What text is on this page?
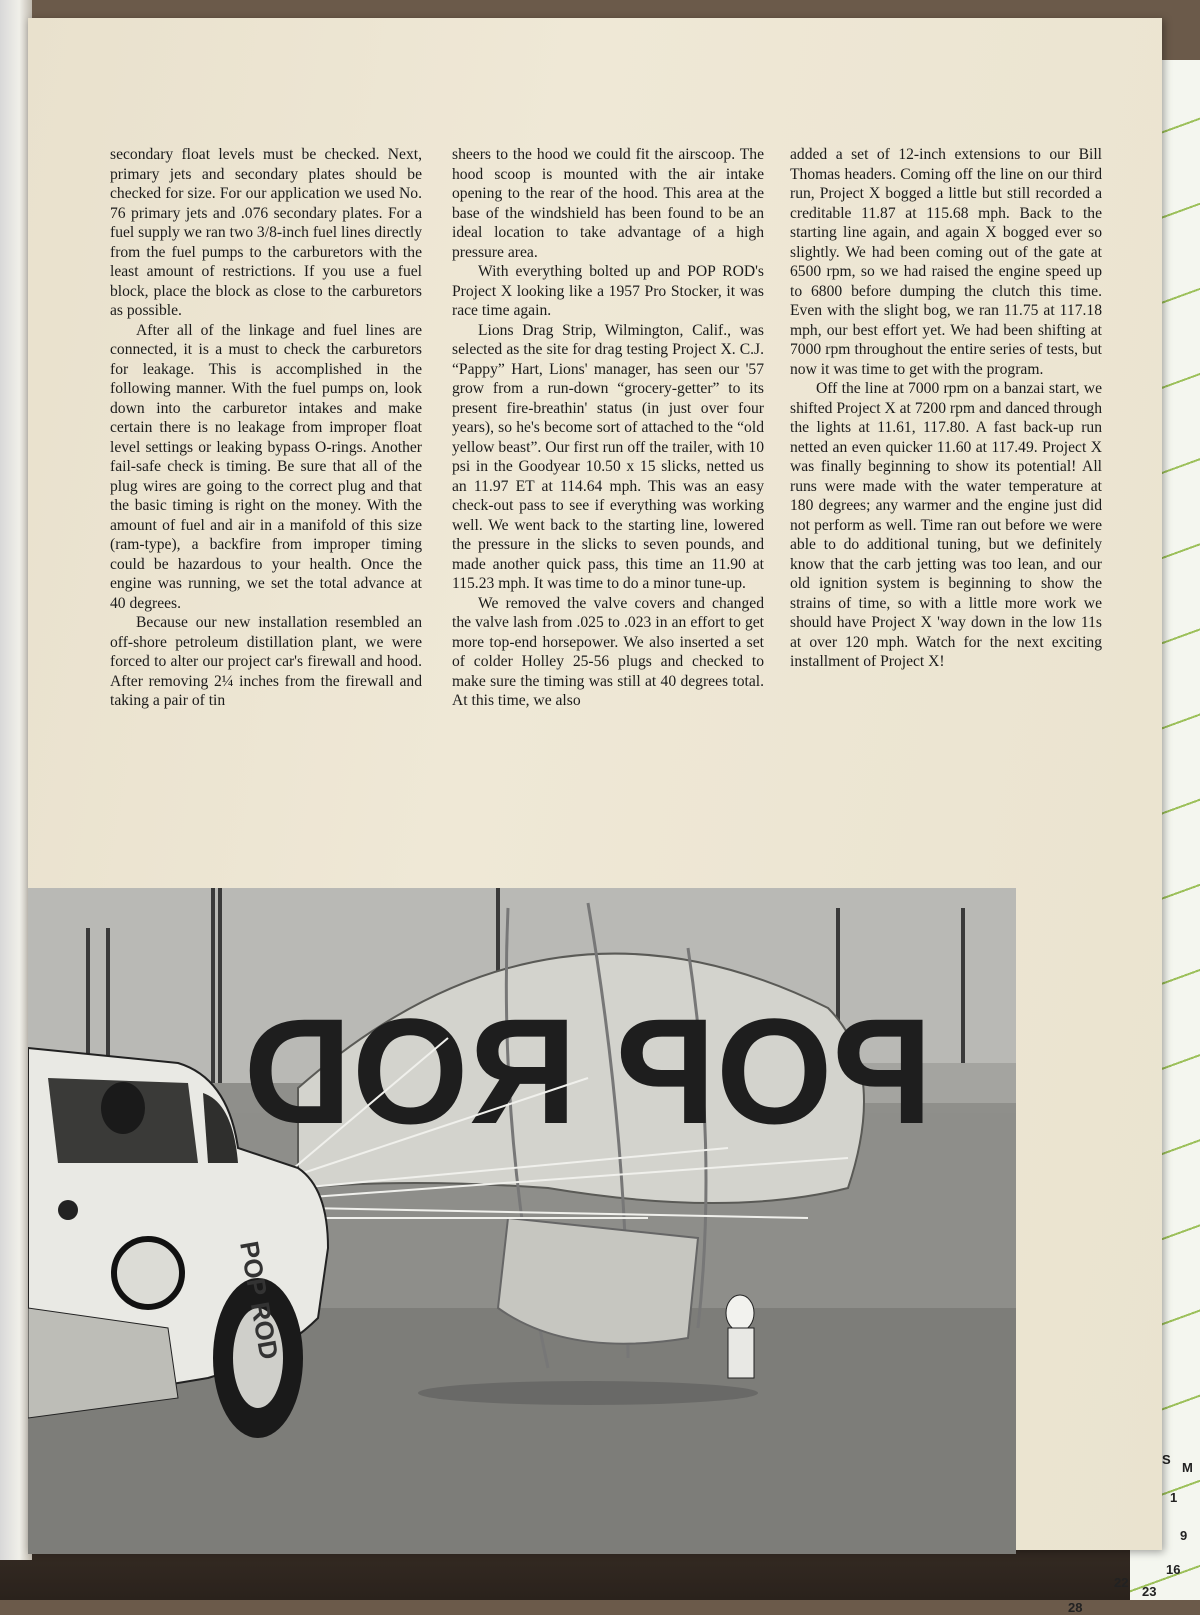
S
M
1
9
16
22
23
28

secondary float levels must be checked. Next, primary jets and secondary plates should be checked for size. For our application we used No. 76 primary jets and .076 secondary plates. For a fuel supply we ran two 3/8-inch fuel lines directly from the fuel pumps to the carburetors with the least amount of restrictions. If you use a fuel block, place the block as close to the carburetors as possible.

After all of the linkage and fuel lines are connected, it is a must to check the carburetors for leakage. This is accomplished in the following manner. With the fuel pumps on, look down into the carburetor intakes and make certain there is no leakage from improper float level settings or leaking bypass O-rings. Another fail-safe check is timing. Be sure that all of the plug wires are going to the correct plug and that the basic timing is right on the money. With the amount of fuel and air in a manifold of this size (ram-type), a backfire from improper timing could be hazardous to your health. Once the engine was running, we set the total advance at 40 degrees.

Because our new installation resembled an off-shore petroleum distillation plant, we were forced to alter our project car's firewall and hood. After removing 2¼ inches from the firewall and taking a pair of tin

sheers to the hood we could fit the airscoop. The hood scoop is mounted with the air intake opening to the rear of the hood. This area at the base of the windshield has been found to be an ideal location to take advantage of a high pressure area.

With everything bolted up and POP ROD's Project X looking like a 1957 Pro Stocker, it was race time again.

Lions Drag Strip, Wilmington, Calif., was selected as the site for drag testing Project X. C.J. “Pappy” Hart, Lions' manager, has seen our '57 grow from a run-down “grocery-getter” to its present fire-breathin' status (in just over four years), so he's become sort of attached to the “old yellow beast”. Our first run off the trailer, with 10 psi in the Goodyear 10.50 x 15 slicks, netted us an 11.97 ET at 114.64 mph. This was an easy check-out pass to see if everything was working well. We went back to the starting line, lowered the pressure in the slicks to seven pounds, and made another quick pass, this time an 11.90 at 115.23 mph. It was time to do a minor tune-up.

We removed the valve covers and changed the valve lash from .025 to .023 in an effort to get more top-end horsepower. We also inserted a set of colder Holley 25-56 plugs and checked to make sure the timing was still at 40 degrees total. At this time, we also

added a set of 12-inch extensions to our Bill Thomas headers. Coming off the line on our third run, Project X bogged a little but still recorded a creditable 11.87 at 115.68 mph. Back to the starting line again, and again X bogged ever so slightly. We had been coming out of the gate at 6500 rpm, so we had raised the engine speed up to 6800 before dumping the clutch this time. Even with the slight bog, we ran 11.75 at 117.18 mph, our best effort yet. We had been shifting at 7000 rpm throughout the entire series of tests, but now it was time to get with the program.

Off the line at 7000 rpm on a banzai start, we shifted Project X at 7200 rpm and danced through the lights at 11.61, 117.80. A fast back-up run netted an even quicker 11.60 at 117.49. Project X was finally beginning to show its potential! All runs were made with the water temperature at 180 degrees; any warmer and the engine just did not perform as well. Time ran out before we were able to do additional tuning, but we definitely know that the carb jetting was too lean, and our old ignition system is beginning to show the strains of time, so with a little more work we should have Project X 'way down in the low 11s at over 120 mph. Watch for the next exciting installment of Project X!

POP ROD
POP ROD
